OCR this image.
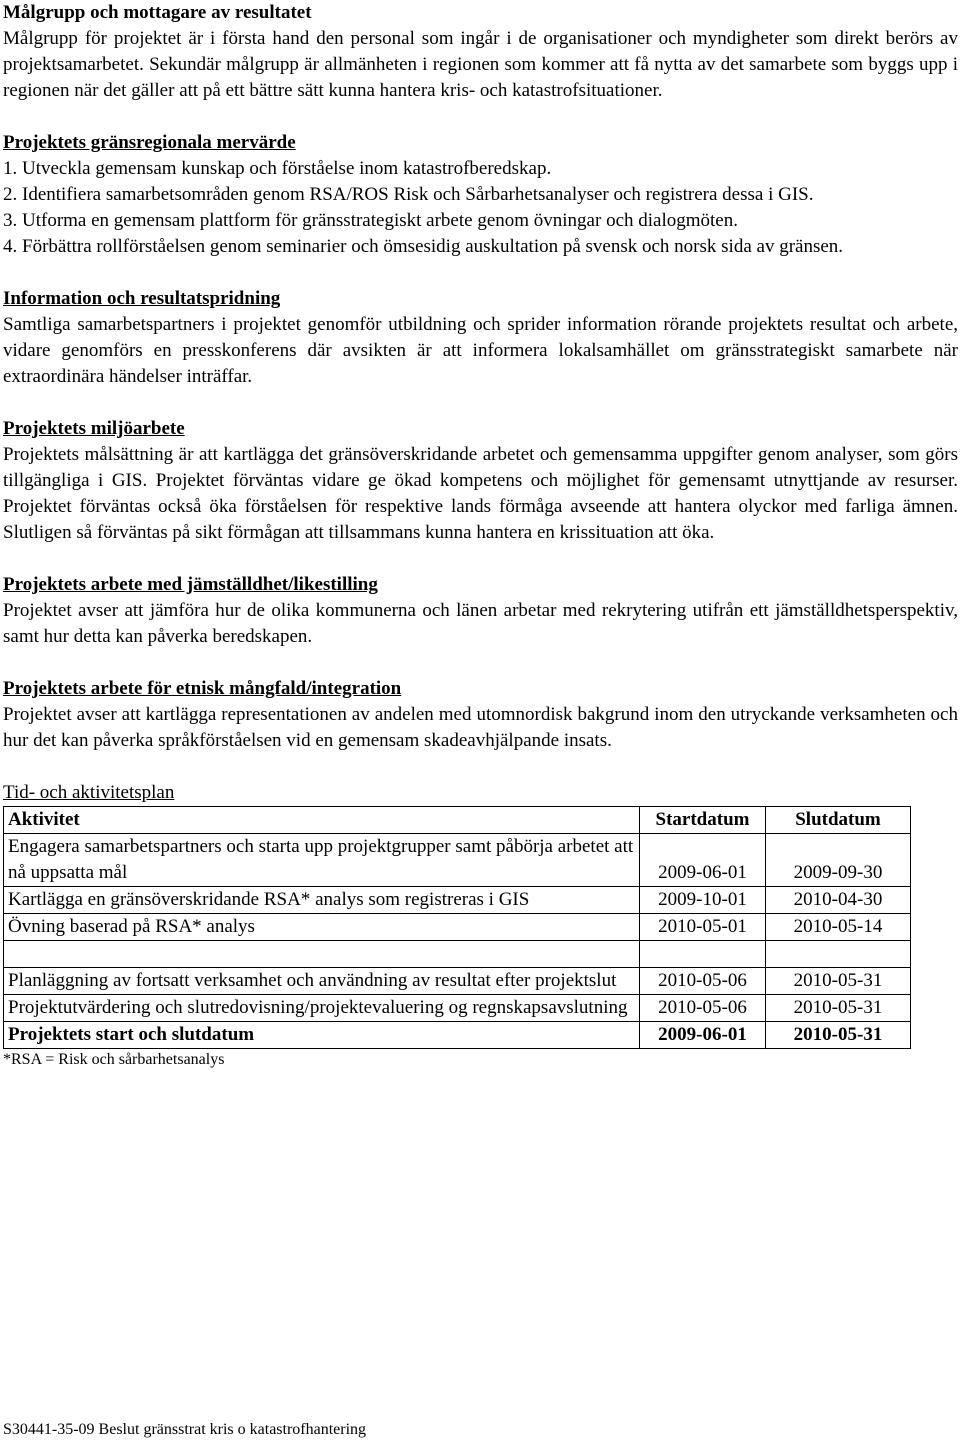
Målgrupp och mottagare av resultatet

Målgrupp för projektet är i första hand den personal som ingår i de organisationer och myndigheter som direkt berörs av projektsamarbetet. Sekundär målgrupp är allmänheten i regionen som kommer att få nytta av det samarbete som byggs upp i regionen när det gäller att på ett bättre sätt kunna hantera kris- och katastrofsituationer.

Projektets gränsregionala mervärde
1. Utveckla gemensam kunskap och förståelse inom katastrofberedskap.
2. Identifiera samarbetsområden genom RSA/ROS Risk och Sårbarhetsanalyser och registrera dessa i GIS.
3. Utforma en gemensam plattform för gränsstrategiskt arbete genom övningar och dialogmöten.
4. Förbättra rollförståelsen genom seminarier och ömsesidig auskultation på svensk och norsk sida av gränsen.
Information och resultatspridning

Samtliga samarbetspartners i projektet genomför utbildning och sprider information rörande projektets resultat och arbete, vidare genomförs en presskonferens där avsikten är att informera lokalsamhället om gränsstrategiskt samarbete när extraordinära händelser inträffar.

Projektets miljöarbete

Projektets målsättning är att kartlägga det gränsöverskridande arbetet och gemensamma uppgifter genom analyser, som görs tillgängliga i GIS. Projektet förväntas vidare ge ökad kompetens och möjlighet för gemensamt utnyttjande av resurser. Projektet förväntas också öka förståelsen för respektive lands förmåga avseende att hantera olyckor med farliga ämnen. Slutligen så förväntas på sikt förmågan att tillsammans kunna hantera en krissituation att öka.

Projektets arbete med jämställdhet/likestilling

Projektet avser att jämföra hur de olika kommunerna och länen arbetar med rekrytering utifrån ett jämställdhetsperspektiv, samt hur detta kan påverka beredskapen.

Projektets arbete för etnisk mångfald/integration

Projektet avser att kartlägga representationen av andelen med utomnordisk bakgrund inom den utryckande verksamheten och hur det kan påverka språkförståelsen vid en gemensam skadeavhjälpande insats.

Tid- och aktivitetsplan
Aktivitet	Startdatum	Slutdatum
Engagera samarbetspartners och starta upp projektgrupper samt påbörja arbetet att nå uppsatta mål	2009-06-01	2009-09-30
Kartlägga en gränsöverskridande RSA* analys som registreras i GIS	2009-10-01	2010-04-30
Övning baserad på RSA* analys	2010-05-01	2010-05-14

Planläggning av fortsatt verksamhet och användning av resultat efter projektslut	2010-05-06	2010-05-31
Projektutvärdering och slutredovisning/projektevaluering og regnskapsavslutning	2010-05-06	2010-05-31
Projektets start och slutdatum	2009-06-01	2010-05-31
*RSA = Risk och sårbarhetsanalys
S30441-35-09 Beslut gränsstrat kris o katastrofhantering
